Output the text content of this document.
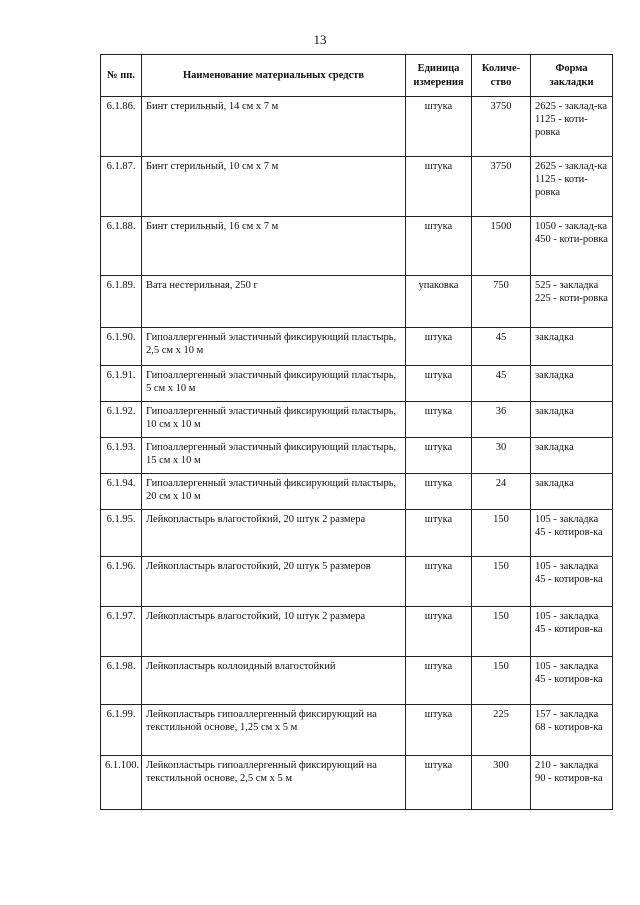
13
№ пп.	Наименование материальных средств	Единица измерения	Количе-ство	Форма закладки
6.1.86.	Бинт стерильный, 14 см х 7 м	штука	3750	2625 - заклад-ка 1125 - коти-ровка
6.1.87.	Бинт стерильный, 10 см х 7 м	штука	3750	2625 - заклад-ка 1125 - коти-ровка
6.1.88.	Бинт стерильный, 16 см х 7 м	штука	1500	1050 - заклад-ка 450 - коти-ровка
6.1.89.	Вата нестерильная, 250 г	упаковка	750	525 - закладка 225 - коти-ровка
6.1.90.	Гипоаллергенный эластичный фиксирующий пластырь, 2,5 см х 10 м	штука	45	закладка
6.1.91.	Гипоаллергенный эластичный фиксирующий пластырь, 5 см х 10 м	штука	45	закладка
6.1.92.	Гипоаллергенный эластичный фиксирующий пластырь, 10 см х 10 м	штука	36	закладка
6.1.93.	Гипоаллергенный эластичный фиксирующий пластырь, 15 см х 10 м	штука	30	закладка
6.1.94.	Гипоаллергенный эластичный фиксирующий пластырь, 20 см х 10 м	штука	24	закладка
6.1.95.	Лейкопластырь влагостойкий, 20 штук 2 размера	штука	150	105 - закладка 45 - котиров-ка
6.1.96.	Лейкопластырь влагостойкий, 20 штук 5 размеров	штука	150	105 - закладка 45 - котиров-ка
6.1.97.	Лейкопластырь влагостойкий, 10 штук 2 размера	штука	150	105 - закладка 45 - котиров-ка
6.1.98.	Лейкопластырь коллоидный влагостойкий	штука	150	105 - закладка 45 - котиров-ка
6.1.99.	Лейкопластырь гипоаллергенный фиксирующий на текстильной основе, 1,25 см х 5 м	штука	225	157 - закладка 68 - котиров-ка
6.1.100.	Лейкопластырь гипоаллергенный фиксирующий на текстильной основе, 2,5 см х 5 м	штука	300	210 - закладка 90 - котиров-ка
